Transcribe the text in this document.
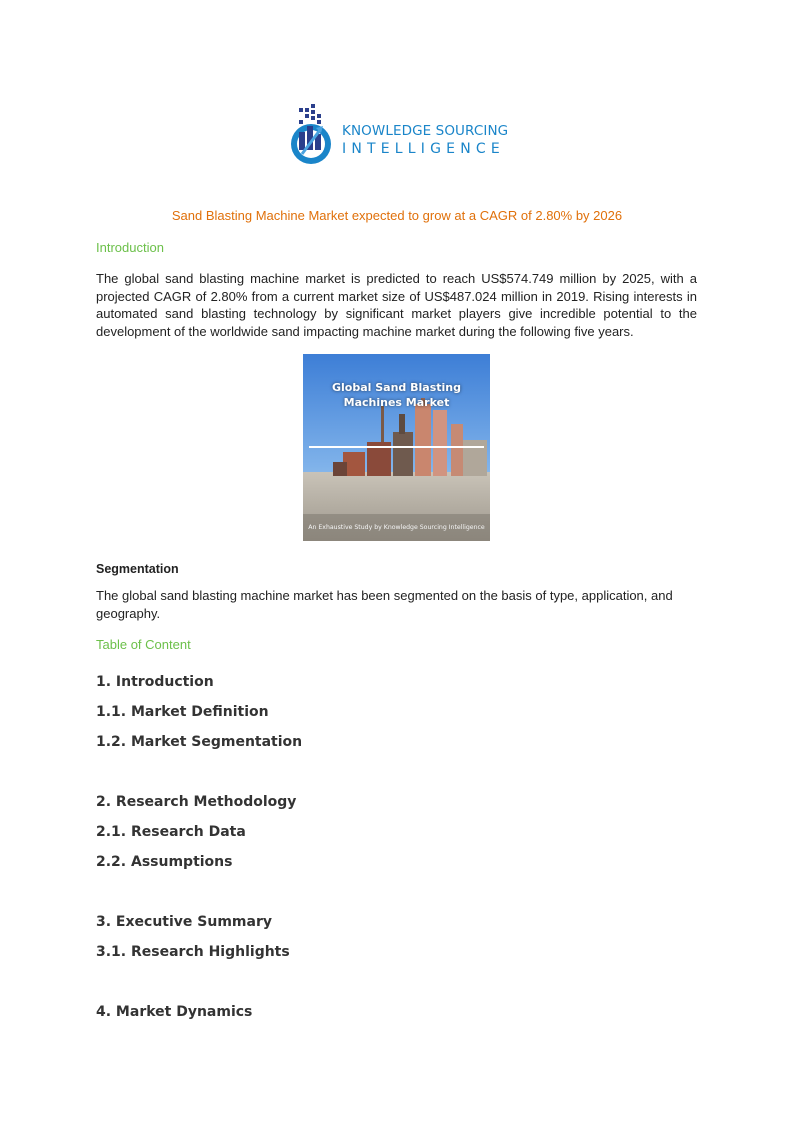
KNOWLEDGE SOURCING
INTELLIGENCE
Sand Blasting Machine Market expected to grow at a CAGR of 2.80% by 2026
Introduction
The global sand blasting machine market is predicted to reach US$574.749 million by 2025, with a projected CAGR of 2.80% from a current market size of US$487.024 million in 2019. Rising interests in automated sand blasting technology by significant market players give incredible potential to the development of the worldwide sand impacting machine market during the following five years.
Global Sand Blasting Machines Market
An Exhaustive Study by Knowledge Sourcing Intelligence
Segmentation
The global sand blasting machine market has been segmented on the basis of type, application, and geography.
Table of Content
1. Introduction
1.1. Market Definition
1.2. Market Segmentation
2. Research Methodology
2.1. Research Data
2.2. Assumptions
3. Executive Summary
3.1. Research Highlights
4. Market Dynamics
